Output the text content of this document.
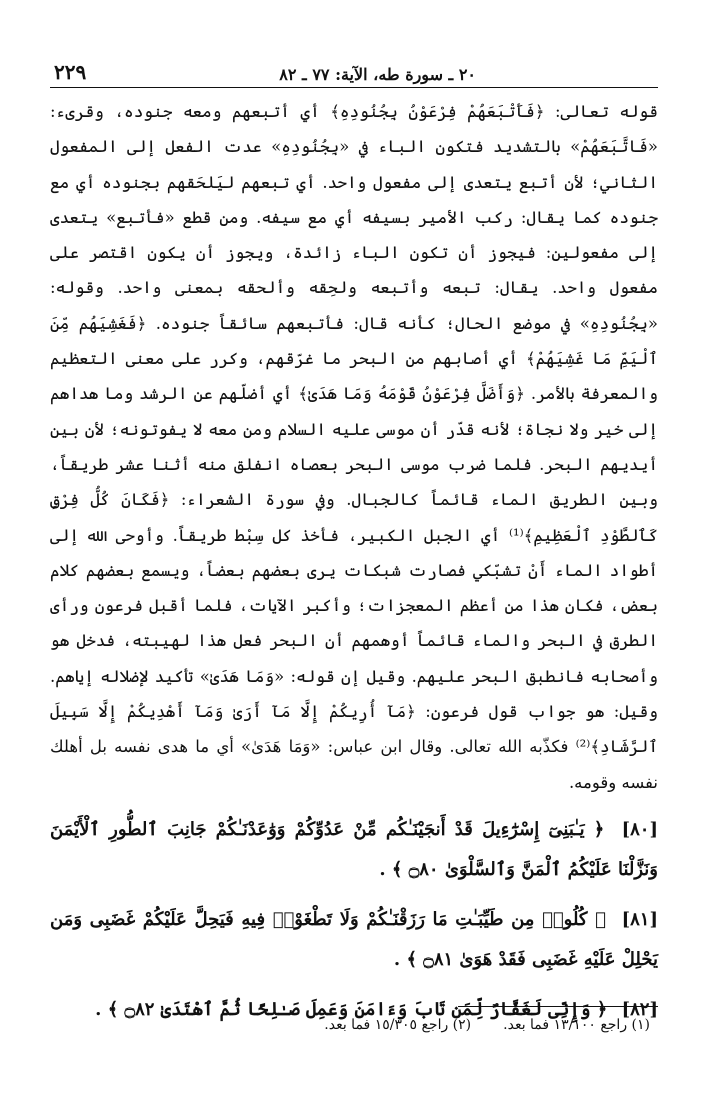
٢٠ ـ سورة طه، الآية: ٧٧ ـ ٨٢
٢٢٩

قوله تعالى: ﴿فَأَتْبَعَهُمْ فِرْعَوْنُ بِجُنُودِهِ﴾ أي أتبعهم ومعه جنوده، وقرىء: «فَاتَّبَعَهُمْ» بالتشديد فتكون الباء في «بِجُنُودِهِ» عدت الفعل إلى المفعول الثاني؛ لأن أتبع يتعدى إلى مفعول واحد. أي تبعهم ليَلحَقهم بجنوده أي مع جنوده كما يقال: ركب الأمير بسيفه أي مع سيفه. ومن قطع «فأتبع» يتعدى إلى مفعولين: فيجوز أن تكون الباء زائدة، ويجوز أن يكون اقتصر على مفعول واحد. يقال: تبعه وأتبعه ولحِقه وألحقه بمعنى واحد. وقوله: «بِجُنُودِهِ» في موضع الحال؛ كأنه قال: فأتبعهم سائقاً جنوده. ﴿فَغَشِيَهُم مِّنَ ٱلْيَمِّ مَا غَشِيَهُمْ﴾ أي أصابهم من البحر ما غرّقهم، وكرر على معنى التعظيم والمعرفة بالأمر. ﴿وَأَضَلَّ فِرْعَوْنُ قَوْمَهُ وَمَا هَدَىٰ﴾ أي أضلّهم عن الرشد وما هداهم إلى خير ولا نجاة؛ لأنه قدّر أن موسى عليه السلام ومن معه لا يفوتونه؛ لأن بين أيديهم البحر. فلما ضرب موسى البحر بعصاه انفلق منه أثنا عشر طريقاً، وبين الطريق الماء قائماً كالجبال. وفي سورة الشعراء: ﴿فَكَانَ كُلُّ فِرْقٍ كَٱلطَّوْدِ ٱلْعَظِيمِ﴾⁽¹⁾ أي الجبل الكبير، فأخذ كل سِبْط طريقاً. وأوحى الله إلى أطواد الماء أَنْ تشبّكي فصارت شبكات يرى بعضهم بعضاً، ويسمع بعضهم كلام بعض، فكان هذا من أعظم المعجزات؛ وأكبر الآيات، فلما أقبل فرعون ورأى الطرق في البحر والماء قائماً أوهمهم أن البحر فعل هذا لهيبته، فدخل هو وأصحابه فانطبق البحر عليهم. وقيل إن قوله: «وَمَا هَدَىٰ» تأكيد لإضلاله إياهم. وقيل: هو جواب قول فرعون: ﴿مَآ أُرِيكُمْ إِلَّا مَآ أَرَىٰ وَمَآ أَهْدِيكُمْ إِلَّا سَبِيلَ ٱلرَّشَادِ﴾⁽²⁾ فكذّبه الله تعالى. وقال ابن عباس: «وَمَا هَدَىٰ» أي ما هدى نفسه بل أهلك نفسه وقومه.

[٨٠] ﴿ يَـٰبَنِىٓ إِسْرَٰٓءِيلَ قَدْ أَنجَيْنَـٰكُم مِّنْ عَدُوِّكُمْ وَوَٰعَدْنَـٰكُمْ جَانِبَ ٱلطُّورِ ٱلْأَيْمَنَ وَنَزَّلْنَا عَلَيْكُمُ ٱلْمَنَّ وَٱلسَّلْوَىٰ ۝٨٠ ﴾ .
[٨١] ﴿ كُلُوا۟ مِن طَيِّبَـٰتِ مَا رَزَقْنَـٰكُمْ وَلَا تَطْغَوْا۟ فِيهِ فَيَحِلَّ عَلَيْكُمْ غَضَبِى وَمَن يَحْلِلْ عَلَيْهِ غَضَبِى فَقَدْ هَوَىٰ ۝٨١ ﴾ .
[٨٢] ﴿ وَإِنِّى لَغَفَّارٌ لِّمَن تَابَ وَءَامَنَ وَعَمِلَ صَـٰلِحًا ثُمَّ ٱهْتَدَىٰ ۝٨٢ ﴾ .
(١) راجع ١٣/١٠٠ فما بعد.
(٢) راجع ١٥/٣٠٥ فما بعد.
